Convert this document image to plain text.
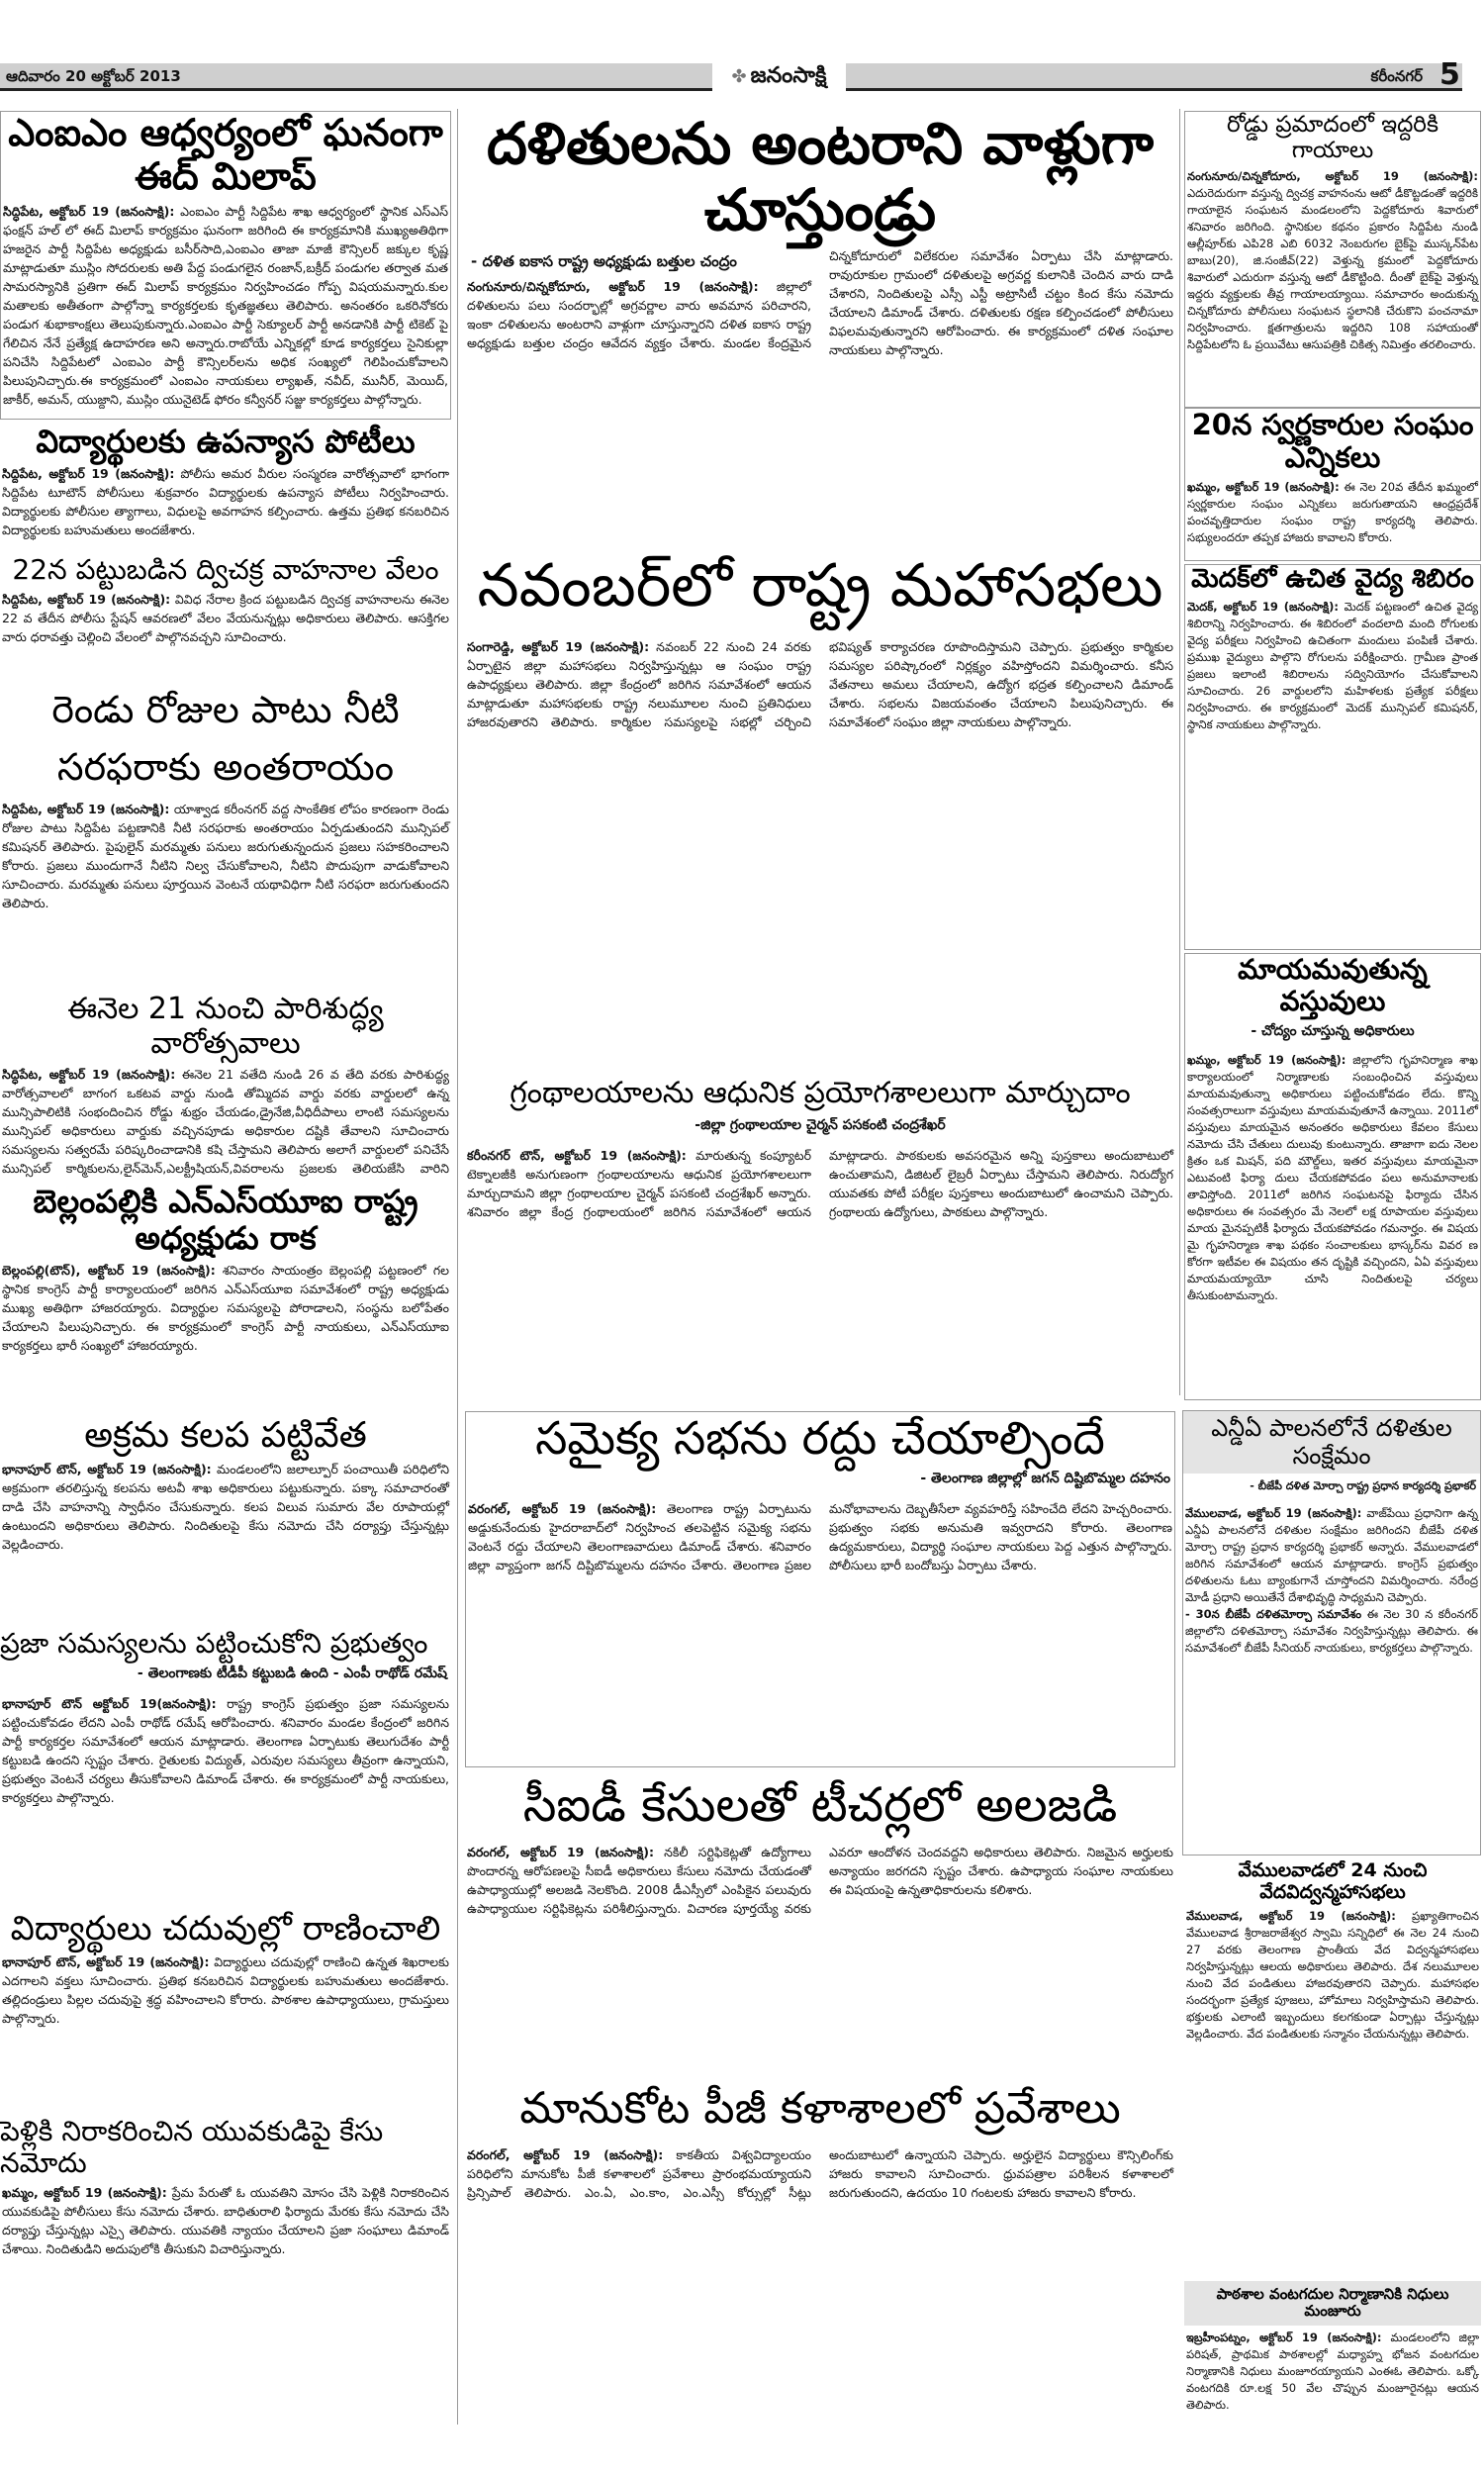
ఆదివారం 20 అక్టోబర్ 2013	✤ జనంసాక్షి	కరీంనగర్ 5
ఎంఐఎం ఆధ్వర్యంలో ఘనంగా ఈద్ మిలాప్
సిద్ధిపేట, అక్టోబర్ 19 (జనంసాక్షి): ఎంఐఎం పార్టీ సిద్దిపేట శాఖ ఆధ్వర్యంలో స్థానిక ఎస్ఎస్ ఫంక్షన్ హల్ లో ఈద్ మిలాప్ కార్యక్రమం ఘనంగా జరిగింది ఈ కార్యక్రమానికి ముఖ్యఅతిథిగా హజరైన పార్టీ సిద్దిపేట అధ్యక్షుడు బసీర్‌సాది,ఎంఐఎం తాజా మాజీ కౌన్సిలర్ జక్కుల కృష్ణ మాట్లాడుతూ ముస్లిం సోదరులకు అతి పేద్ద పండుగలైన రంజాన్,బక్రీద్ పండుగల తర్వాత మత సామరస్యానికి ప్రతిగా ఈద్ మిలాప్ కార్యక్రమం నిర్వహించడం గోప్ప విషయమన్నారు.కుల మతాలకు అతీతంగా పాల్గోన్నా కార్యకర్తలకు కృతజ్ఞతలు తెలిపారు. అనంతరం ఒకరినోకరు పండుగ శుభాకాంక్షలు తెలుపుకున్నారు.ఎంఐఎం పార్టీ సెక్యూలర్ పార్టీ అనడానికి పార్టీ టికెట్ పై గేలిచిన నేనే ప్రత్యేక్ష ఉదాహరణ అని అన్నారు.రాబోయే ఎన్నికల్లో కూడ కార్యకర్తలు సైనికుల్లా పనిచేసి సిద్దిపేటలో ఎంఐఎం పార్టీ కౌన్సిలర్‌లను అధిక సంఖ్యలో గెలిపించుకోవాలని పిలుపునిచ్చారు.ఈ కార్యక్రమంలో ఎంఐఎం నాయకులు ల్యాఖత్, నవీద్, మునీర్, మెయిద్, జాకీర్, అమన్, యుజ్దాని, ముస్లిం యునైటెడ్ ఫోరం కన్వీనర్ సజ్జు కార్యకర్తలు పాల్గోన్నారు.
విద్యార్థులకు ఉపన్యాస పోటీలు
సిద్దిపేట, అక్టోబర్ 19 (జనంసాక్షి): పోలీసు అమర వీరుల సంస్మరణ వారోత్సవాలో భాగంగా సిద్దిపేట టూటౌన్ పోలీసులు శుక్రవారం విద్యార్థులకు ఉపన్యాస పోటీలు నిర్వహించారు. విద్యార్థులకు పోలీసుల త్యాగాలు, విధులపై అవగాహన కల్పించారు. ఉత్తమ ప్రతిభ కనబరిచిన విద్యార్థులకు బహుమతులు అందజేశారు.
22న పట్టుబడిన ద్విచక్ర వాహనాల వేలం
సిద్దిపేట, అక్టోబర్ 19 (జనంసాక్షి): వివిధ నేరాల క్రింద పట్టుబడిన ద్విచక్ర వాహనాలను ఈనెల 22 వ తేదీన పోలీసు స్టేషన్ ఆవరణలో వేలం వేయనున్నట్లు అధికారులు తెలిపారు. ఆసక్తిగల వారు ధరావత్తు చెల్లించి వేలంలో పాల్గొనవచ్చని సూచించారు.
రెండు రోజుల పాటు నీటి సరఫరాకు అంతరాయం
సిద్దిపేట, అక్టోబర్ 19 (జనంసాక్షి): యాశ్వాడ కరీంనగర్ వద్ద సాంకేతిక లోపం కారణంగా రెండు రోజుల పాటు సిద్దిపేట పట్టణానికి నీటి సరఫరాకు అంతరాయం ఏర్పడుతుందని మున్సిపల్ కమిషనర్ తెలిపారు. పైపులైన్ మరమ్మతు పనులు జరుగుతున్నందున ప్రజలు సహకరించాలని కోరారు. ప్రజలు ముందుగానే నీటిని నిల్వ చేసుకోవాలని, నీటిని పొదుపుగా వాడుకోవాలని సూచించారు. మరమ్మతు పనులు పూర్తయిన వెంటనే యథావిధిగా నీటి సరఫరా జరుగుతుందని తెలిపారు.
ఈనెల 21 నుంచి పారిశుద్ధ్య వారోత్సవాలు
సిద్ధిపేట, అక్టోబర్ 19 (జనంసాక్షి): ఈనెల 21 వతేది నుండి 26 వ తేది వరకు పారిశుద్ధ్య వారోత్సవాలలో బాగంగ ఒకటవ వార్డు నుండి తోమ్మిదవ వార్డు వరకు వార్డులలో ఉన్న మున్సిపాలిటికి సంభందించిన రోడ్డు శుభ్రం చేయడం,డ్రైనేజి,వీధిదీపాలు లాంటి సమస్యలను మున్సిపల్ అధికారులు వార్డుకు వచ్చినపూడు అధికారుల దష్టికి తేవాలని సూచించారు సమస్యలను సత్వరమే పరిష్కరించాడానికి కషి చేస్తామని తెలిపారు అలాగే వార్డులలో పనిచేసే మున్సిపల్ కార్మికులను,లైన్‌మెన్,ఎలక్ట్రీషియన్,వివరాలను ప్రజలకు తెలియజేసి వారిని
బెల్లంపల్లికి ఎన్‌ఎస్‌యూఐ రాష్ట్ర అధ్యక్షుడు రాక
బెల్లంపల్లి(టౌన్), అక్టోబర్ 19 (జనంసాక్షి): శనివారం సాయంత్రం బెల్లంపల్లి పట్టణంలో గల స్థానిక కాంగ్రెస్ పార్టీ కార్యాలయంలో జరిగిన ఎన్‌ఎస్‌యూఐ సమావేశంలో రాష్ట్ర అధ్యక్షుడు ముఖ్య అతిథిగా హాజరయ్యారు. విద్యార్థుల సమస్యలపై పోరాడాలని, సంస్థను బలోపేతం చేయాలని పిలుపునిచ్చారు. ఈ కార్యక్రమంలో కాంగ్రెస్ పార్టీ నాయకులు, ఎన్‌ఎస్‌యూఐ కార్యకర్తలు భారీ సంఖ్యలో హాజరయ్యారు.
అక్రమ కలప పట్టివేత
భానాపూర్ టౌన్, అక్టోబర్ 19 (జనంసాక్షి): మండలంలోని జలాల్పూర్ పంచాయితీ పరిధిలోని అక్రమంగా తరలిస్తున్న కలపను అటవీ శాఖ అధికారులు పట్టుకున్నారు. పక్కా సమాచారంతో దాడి చేసి వాహనాన్ని స్వాధీనం చేసుకున్నారు. కలప విలువ సుమారు వేల రూపాయల్లో ఉంటుందని అధికారులు తెలిపారు. నిందితులపై కేసు నమోదు చేసి దర్యాప్తు చేస్తున్నట్లు వెల్లడించారు.
ప్రజా సమస్యలను పట్టించుకోని ప్రభుత్వం
- తెలంగాణకు టీడీపీ కట్టుబడి ఉంది - ఎంపీ రాథోడ్ రమేష్
భానాపూర్ టౌన్ అక్టోబర్ 19(జనంసాక్షి): రాష్ట్ర కాంగ్రెస్ ప్రభుత్వం ప్రజా సమస్యలను పట్టించుకోవడం లేదని ఎంపీ రాథోడ్ రమేష్ ఆరోపించారు. శనివారం మండల కేంద్రంలో జరిగిన పార్టీ కార్యకర్తల సమావేశంలో ఆయన మాట్లాడారు. తెలంగాణ ఏర్పాటుకు తెలుగుదేశం పార్టీ కట్టుబడి ఉందని స్పష్టం చేశారు. రైతులకు విద్యుత్, ఎరువుల సమస్యలు తీవ్రంగా ఉన్నాయని, ప్రభుత్వం వెంటనే చర్యలు తీసుకోవాలని డిమాండ్ చేశారు. ఈ కార్యక్రమంలో పార్టీ నాయకులు, కార్యకర్తలు పాల్గొన్నారు.
విద్యార్థులు చదువుల్లో రాణించాలి
భానాపూర్ టౌన్, అక్టోబర్ 19 (జనంసాక్షి): విద్యార్థులు చదువుల్లో రాణించి ఉన్నత శిఖరాలకు ఎదగాలని వక్తలు సూచించారు. ప్రతిభ కనబరిచిన విద్యార్థులకు బహుమతులు అందజేశారు. తల్లిదండ్రులు పిల్లల చదువుపై శ్రద్ధ వహించాలని కోరారు. పాఠశాల ఉపాధ్యాయులు, గ్రామస్తులు పాల్గొన్నారు.
పెళ్లికి నిరాకరించిన యువకుడిపై కేసు నమోదు
ఖమ్మం, అక్టోబర్ 19 (జనంసాక్షి): ప్రేమ పేరుతో ఓ యువతిని మోసం చేసి పెళ్లికి నిరాకరించిన యువకుడిపై పోలీసులు కేసు నమోదు చేశారు. బాధితురాలి ఫిర్యాదు మేరకు కేసు నమోదు చేసి దర్యాప్తు చేస్తున్నట్లు ఎస్సై తెలిపారు. యువతికి న్యాయం చేయాలని ప్రజా సంఘాలు డిమాండ్ చేశాయి. నిందితుడిని అదుపులోకి తీసుకుని విచారిస్తున్నారు.
దళితులను అంటరాని వాళ్లుగా చూస్తుండ్రు
- దళిత ఐకాస రాష్ట్ర అధ్యక్షుడు బత్తుల చంద్రం
నంగునూరు/చిన్నకోదూరు, అక్టోబర్ 19 (జనంసాక్షి): జిల్లాలో దళితులను పలు సందర్భాల్లో అగ్రవర్ణాల వారు అవమాన పరిచారని, ఇంకా దళితులను అంటరాని వాళ్లుగా చూస్తున్నారని దళిత ఐకాస రాష్ట్ర అధ్యక్షుడు బత్తుల చంద్రం ఆవేదన వ్యక్తం చేశారు. మండల కేంద్రమైన చిన్నకోదూరులో విలేకరుల సమావేశం ఏర్పాటు చేసి మాట్లాడారు. రావురూకుల గ్రామంలో దళితులపై అగ్రవర్ణ కులానికి చెందిన వారు దాడి చేశారని, నిందితులపై ఎస్సీ ఎస్టీ అట్రాసిటీ చట్టం కింద కేసు నమోదు చేయాలని డిమాండ్ చేశారు. దళితులకు రక్షణ కల్పించడంలో పోలీసులు విఫలమవుతున్నారని ఆరోపించారు. ఈ కార్యక్రమంలో దళిత సంఘాల నాయకులు పాల్గొన్నారు.
నవంబర్‌లో రాష్ట్ర మహాసభలు
సంగారెడ్డి, అక్టోబర్ 19 (జనంసాక్షి): నవంబర్ 22 నుంచి 24 వరకు ఏర్పాటైన జిల్లా మహాసభలు నిర్వహిస్తున్నట్లు ఆ సంఘం రాష్ట్ర ఉపాధ్యక్షులు తెలిపారు. జిల్లా కేంద్రంలో జరిగిన సమావేశంలో ఆయన మాట్లాడుతూ మహాసభలకు రాష్ట్ర నలుమూలల నుంచి ప్రతినిధులు హాజరవుతారని తెలిపారు. కార్మికుల సమస్యలపై సభల్లో చర్చించి భవిష్యత్ కార్యాచరణ రూపొందిస్తామని చెప్పారు. ప్రభుత్వం కార్మికుల సమస్యల పరిష్కారంలో నిర్లక్ష్యం వహిస్తోందని విమర్శించారు. కనీస వేతనాలు అమలు చేయాలని, ఉద్యోగ భద్రత కల్పించాలని డిమాండ్ చేశారు. సభలను విజయవంతం చేయాలని పిలుపునిచ్చారు. ఈ సమావేశంలో సంఘం జిల్లా నాయకులు పాల్గొన్నారు.
గ్రంథాలయాలను ఆధునిక ప్రయోగశాలలుగా మార్చుదాం
-జిల్లా గ్రంథాలయాల చైర్మన్ పసకంటి చంద్రశేఖర్
కరీంనగర్ టౌన్, అక్టోబర్ 19 (జనంసాక్షి): మారుతున్న కంప్యూటర్ టెక్నాలజీకి అనుగుణంగా గ్రంథాలయాలను ఆధునిక ప్రయోగశాలలుగా మార్చుదామని జిల్లా గ్రంథాలయాల చైర్మన్ పసకంటి చంద్రశేఖర్ అన్నారు. శనివారం జిల్లా కేంద్ర గ్రంథాలయంలో జరిగిన సమావేశంలో ఆయన మాట్లాడారు. పాఠకులకు అవసరమైన అన్ని పుస్తకాలు అందుబాటులో ఉంచుతామని, డిజిటల్ లైబ్రరీ ఏర్పాటు చేస్తామని తెలిపారు. నిరుద్యోగ యువతకు పోటీ పరీక్షల పుస్తకాలు అందుబాటులో ఉంచామని చెప్పారు. గ్రంథాలయ ఉద్యోగులు, పాఠకులు పాల్గొన్నారు.
సమైక్య సభను రద్దు చేయాల్సిందే
- తెలంగాణ జిల్లాల్లో జగన్ దిష్టిబొమ్మల దహనం
వరంగల్, అక్టోబర్ 19 (జనంసాక్షి): తెలంగాణ రాష్ట్ర ఏర్పాటును అడ్డుకునేందుకు హైదరాబాద్‌లో నిర్వహించ తలపెట్టిన సమైక్య సభను వెంటనే రద్దు చేయాలని తెలంగాణవాదులు డిమాండ్ చేశారు. శనివారం జిల్లా వ్యాప్తంగా జగన్ దిష్టిబొమ్మలను దహనం చేశారు. తెలంగాణ ప్రజల మనోభావాలను దెబ్బతీసేలా వ్యవహరిస్తే సహించేది లేదని హెచ్చరించారు. ప్రభుత్వం సభకు అనుమతి ఇవ్వరాదని కోరారు. తెలంగాణ ఉద్యమకారులు, విద్యార్థి సంఘాల నాయకులు పెద్ద ఎత్తున పాల్గొన్నారు. పోలీసులు భారీ బందోబస్తు ఏర్పాటు చేశారు.
సీఐడీ కేసులతో టీచర్లలో అలజడి
వరంగల్, అక్టోబర్ 19 (జనంసాక్షి): నకిలీ సర్టిఫికెట్లతో ఉద్యోగాలు పొందారన్న ఆరోపణలపై సీఐడీ అధికారులు కేసులు నమోదు చేయడంతో ఉపాధ్యాయుల్లో అలజడి నెలకొంది. 2008 డీఎస్సీలో ఎంపికైన పలువురు ఉపాధ్యాయుల సర్టిఫికెట్లను పరిశీలిస్తున్నారు. విచారణ పూర్తయ్యే వరకు ఎవరూ ఆందోళన చెందవద్దని అధికారులు తెలిపారు. నిజమైన అర్హులకు అన్యాయం జరగదని స్పష్టం చేశారు. ఉపాధ్యాయ సంఘాల నాయకులు ఈ విషయంపై ఉన్నతాధికారులను కలిశారు.
మానుకోట పీజీ కళాశాలలో ప్రవేశాలు
వరంగల్, అక్టోబర్ 19 (జనంసాక్షి): కాకతీయ విశ్వవిద్యాలయం పరిధిలోని మానుకోట పీజీ కళాశాలలో ప్రవేశాలు ప్రారంభమయ్యాయని ప్రిన్సిపాల్ తెలిపారు. ఎం.ఏ, ఎం.కాం, ఎం.ఎస్సీ కోర్సుల్లో సీట్లు అందుబాటులో ఉన్నాయని చెప్పారు. అర్హులైన విద్యార్థులు కౌన్సిలింగ్‌కు హాజరు కావాలని సూచించారు. ధ్రువపత్రాల పరిశీలన కళాశాలలో జరుగుతుందని, ఉదయం 10 గంటలకు హాజరు కావాలని కోరారు.
రోడ్డు ప్రమాదంలో ఇద్దరికి గాయాలు
నంగునూరు/చిన్నకోదూరు, అక్టోబర్ 19 (జనంసాక్షి): ఎదురెదురుగా వస్తున్న ద్విచక్ర వాహనంను ఆటో డీకొట్టడంతో ఇద్దరికి గాయాలైన సంఘటన మండలంలోని పెద్దకోదూరు శివారులో శనివారం జరిగింది. స్థానికుల కథనం ప్రకారం సిద్దిపేట నుండి ఆల్లీపూర్‌కు ఎపి28 ఎబి 6032 నెంబరుగల బైక్‌పై ముస్కన్‌పేట బాబు(20), జి.సంజీవ్(22) వెళ్తున్న క్రమంలో పెద్దకోదూరు శివారులో ఎదురుగా వస్తున్న ఆటో డీకొట్టింది. దీంతో బైక్‌పై వెళ్తున్న ఇద్దరు వ్యక్తులకు తీవ్ర గాయాలయ్యాయి. సమాచారం అందుకున్న చిన్నకోదూరు పోలీసులు సంఘటన స్థలానికి చేరుకొని పంచనామా నిర్వహించారు. క్షతగాత్రులను ఇద్దరిని 108 సహాయంతో సిద్దిపేటలోని ఓ ప్రయివేటు ఆసుపత్రికి చికిత్స నిమిత్తం తరలించారు.
20న స్వర్ణకారుల సంఘం ఎన్నికలు
ఖమ్మం, అక్టోబర్ 19 (జనంసాక్షి): ఈ నెల 20వ తేదీన ఖమ్మంలో స్వర్ణకారుల సంఘం ఎన్నికలు జరుగుతాయని ఆంధ్రప్రదేశ్ పంచవృత్తిదారుల సంఘం రాష్ట్ర కార్యదర్శి తెలిపారు. సభ్యులందరూ తప్పక హాజరు కావాలని కోరారు.
మెదక్‌లో ఉచిత వైద్య శిబిరం
మెదక్, అక్టోబర్ 19 (జనంసాక్షి): మెదక్ పట్టణంలో ఉచిత వైద్య శిబిరాన్ని నిర్వహించారు. ఈ శిబిరంలో వందలాది మంది రోగులకు వైద్య పరీక్షలు నిర్వహించి ఉచితంగా మందులు పంపిణీ చేశారు. ప్రముఖ వైద్యులు పాల్గొని రోగులను పరీక్షించారు. గ్రామీణ ప్రాంత ప్రజలు ఇలాంటి శిబిరాలను సద్వినియోగం చేసుకోవాలని సూచించారు. 26 వార్డులలోని మహిళలకు ప్రత్యేక పరీక్షలు నిర్వహించారు. ఈ కార్యక్రమంలో మెదక్ మున్సిపల్ కమిషనర్, స్థానిక నాయకులు పాల్గొన్నారు.
మాయమవుతున్న వస్తువులు
- చోద్యం చూస్తున్న అధికారులు
ఖమ్మం, అక్టోబర్ 19 (జనంసాక్షి): జిల్లాలోని గృహనిర్మాణ శాఖ కార్యాలయంలో నిర్మాణాలకు సంబంధించిన వస్తువులు మాయమవుతున్నా అధికారులు పట్టించుకోవడం లేదు. కొన్ని సంవత్సరాలుగా వస్తువులు మాయమవుతూనే ఉన్నాయి. 2011లో వస్తువులు మాయమైన అనంతరం అధికారులు కేవలం కేసులు నమోదు చేసి చేతులు దులువు కుంటున్నారు. తాజాగా ఐదు నెలల క్రితం ఒక మిషన్, పది మౌల్డ్‌లు, ఇతర వస్తువులు మాయమైనా ఎటువంటి ఫిర్యా దులు చేయకపోవడం పలు అనుమానాలకు తావిస్తోంది. 2011లో జరిగిన సంఘటనపై ఫిర్యాదు చేసిన అధికారులు ఈ సంవత్సరం మే నెలలో లక్ష రూపాయల వస్తువులు మాయ మైనప్పటికీ ఫిర్యాదు చేయకపోవడం గమనార్హం. ఈ విషయ మై గృహనిర్మాణ శాఖ పథకం సంచాలకులు భాస్కర్‌ను వివర ణ కోరగా ఇటీవల ఈ విషయం తన దృష్టికి వచ్చిందని, ఏఏ వస్తువులు మాయమయ్యాయో చూసి నిందితులపై చర్యలు తీసుకుంటామన్నారు.
ఎన్డీఏ పాలనలోనే దళితుల సంక్షేమం
- బీజేపీ దళిత మోర్చా రాష్ట్ర ప్రధాన కార్యదర్శి ప్రభాకర్
వేములవాడ, అక్టోబర్ 19 (జనంసాక్షి): వాజ్‌పేయి ప్రధానిగా ఉన్న ఎన్డీఏ పాలనలోనే దళితుల సంక్షేమం జరిగిందని బీజేపీ దళిత మోర్చా రాష్ట్ర ప్రధాన కార్యదర్శి ప్రభాకర్ అన్నారు. వేములవాడలో జరిగిన సమావేశంలో ఆయన మాట్లాడారు. కాంగ్రెస్ ప్రభుత్వం దళితులను ఓటు బ్యాంకుగానే చూస్తోందని విమర్శించారు. నరేంద్ర మోడీ ప్రధాని అయితేనే దేశాభివృద్ధి సాధ్యమని చెప్పారు.
- 30న బీజేపీ దళితమోర్చా సమావేశం ఈ నెల 30 న కరీంనగర్ జిల్లాలోని దళితమోర్చా సమావేశం నిర్వహిస్తున్నట్లు తెలిపారు. ఈ సమావేశంలో బీజేపీ సీనియర్ నాయకులు, కార్యకర్తలు పాల్గొన్నారు.
వేములవాడలో 24 నుంచి వేదవిద్వన్మహాసభలు
వేములవాడ, అక్టోబర్ 19 (జనంసాక్షి): ప్రఖ్యాతిగాంచిన వేములవాడ శ్రీరాజరాజేశ్వర స్వామి సన్నిధిలో ఈ నెల 24 నుంచి 27 వరకు తెలంగాణ ప్రాంతీయ వేద విద్వన్మహాసభలు నిర్వహిస్తున్నట్లు ఆలయ అధికారులు తెలిపారు. దేశ నలుమూలల నుంచి వేద పండితులు హాజరవుతారని చెప్పారు. మహాసభల సందర్భంగా ప్రత్యేక పూజలు, హోమాలు నిర్వహిస్తామని తెలిపారు. భక్తులకు ఎలాంటి ఇబ్బందులు కలగకుండా ఏర్పాట్లు చేస్తున్నట్లు వెల్లడించారు. వేద పండితులకు సన్మానం చేయనున్నట్లు తెలిపారు.
పాఠశాల వంటగదుల నిర్మాణానికి నిధులు మంజూరు
ఇబ్రహీంపట్నం, అక్టోబర్ 19 (జనంసాక్షి): మండలంలోని జిల్లా పరిషత్, ప్రాథమిక పాఠశాలల్లో మధ్యాహ్న భోజన వంటగదుల నిర్మాణానికి నిధులు మంజూరయ్యాయని ఎంఈఓ తెలిపారు. ఒక్కో వంటగదికి రూ.లక్ష 50 వేల చొప్పున మంజూరైనట్లు ఆయన తెలిపారు.
